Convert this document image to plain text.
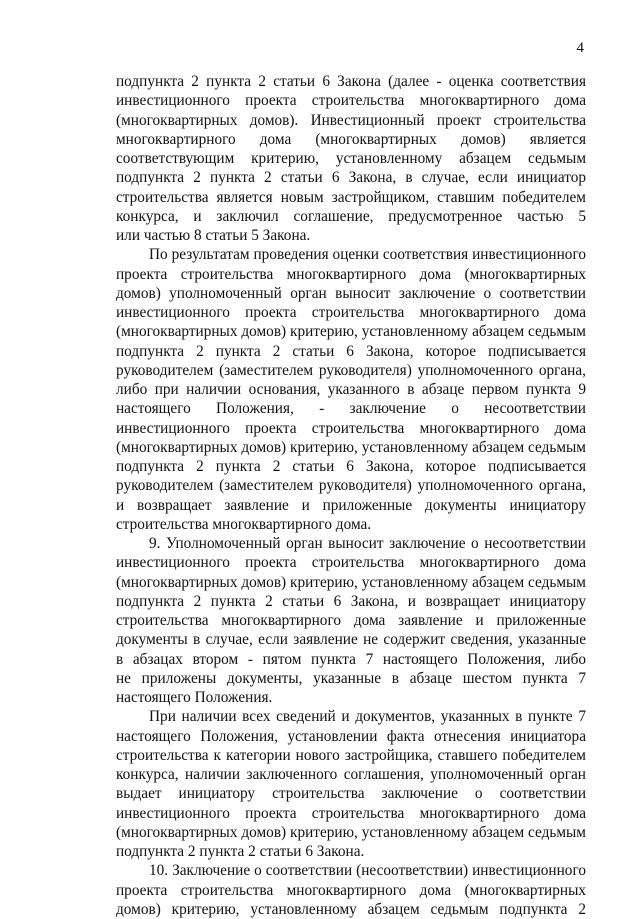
4
подпункта 2 пункта 2 статьи 6 Закона (далее - оценка соответствия
инвестиционного проекта строительства многоквартирного дома
(многоквартирных домов). Инвестиционный проект строительства
многоквартирного дома (многоквартирных домов) является
соответствующим критерию, установленному абзацем седьмым
подпункта 2 пункта 2 статьи 6 Закона, в случае, если инициатор
строительства является новым застройщиком, ставшим победителем
конкурса, и заключил соглашение, предусмотренное частью 5
или частью 8 статьи 5 Закона.
По результатам проведения оценки соответствия инвестиционного
проекта строительства многоквартирного дома (многоквартирных
домов) уполномоченный орган выносит заключение о соответствии
инвестиционного проекта строительства многоквартирного дома
(многоквартирных домов) критерию, установленному абзацем седьмым
подпункта 2 пункта 2 статьи 6 Закона, которое подписывается
руководителем (заместителем руководителя) уполномоченного органа,
либо при наличии основания, указанного в абзаце первом пункта 9
настоящего Положения, - заключение о несоответствии
инвестиционного проекта строительства многоквартирного дома
(многоквартирных домов) критерию, установленному абзацем седьмым
подпункта 2 пункта 2 статьи 6 Закона, которое подписывается
руководителем (заместителем руководителя) уполномоченного органа,
и возвращает заявление и приложенные документы инициатору
строительства многоквартирного дома.
9. Уполномоченный орган выносит заключение о несоответствии
инвестиционного проекта строительства многоквартирного дома
(многоквартирных домов) критерию, установленному абзацем седьмым
подпункта 2 пункта 2 статьи 6 Закона, и возвращает инициатору
строительства многоквартирного дома заявление и приложенные
документы в случае, если заявление не содержит сведения, указанные
в абзацах втором - пятом пункта 7 настоящего Положения, либо
не приложены документы, указанные в абзаце шестом пункта 7
настоящего Положения.
При наличии всех сведений и документов, указанных в пункте 7
настоящего Положения, установлении факта отнесения инициатора
строительства к категории нового застройщика, ставшего победителем
конкурса, наличии заключенного соглашения, уполномоченный орган
выдает инициатору строительства заключение о соответствии
инвестиционного проекта строительства многоквартирного дома
(многоквартирных домов) критерию, установленному абзацем седьмым
подпункта 2 пункта 2 статьи 6 Закона.
10. Заключение о соответствии (несоответствии) инвестиционного
проекта строительства многоквартирного дома (многоквартирных
домов) критерию, установленному абзацем седьмым подпункта 2
